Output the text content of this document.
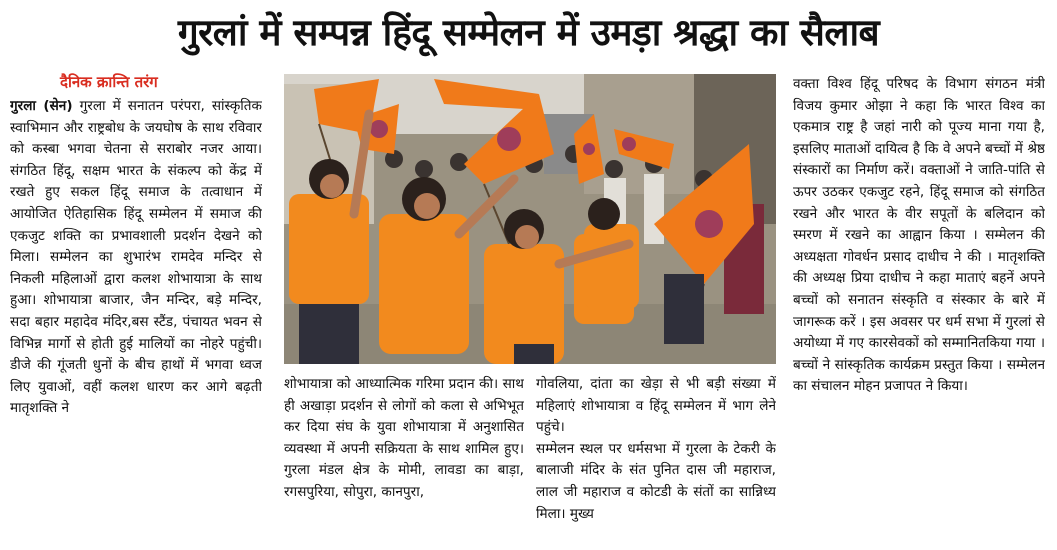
गुरलां में सम्पन्न हिंदू सम्मेलन में उमड़ा श्रद्धा का सैलाब
दैनिक क्रान्ति तरंग

गुरला (सेन) गुरला में सनातन परंपरा, सांस्कृतिक स्वाभिमान और राष्ट्रबोध के जयघोष के साथ रविवार को कस्बा भगवा चेतना से सराबोर नजर आया। संगठित हिंदू, सक्षम भारत के संकल्प को केंद्र में रखते हुए सकल हिंदू समाज के तत्वाधान में आयोजित ऐतिहासिक हिंदू सम्मेलन में समाज की एकजुट शक्ति का प्रभावशाली प्रदर्शन देखने को मिला। सम्मेलन का शुभारंभ रामदेव मन्दिर से निकली महिलाओं द्वारा कलश शोभायात्रा के साथ हुआ। शोभायात्रा बाजार, जैन मन्दिर, बड़े मन्दिर, सदा बहार महादेव मंदिर,बस स्टैंड, पंचायत भवन से विभिन्न मार्गो से होती हुई मालियों का नोहरे पहुंची। डीजे की गूंजती धुनों के बीच हाथों में भगवा ध्वज लिए युवाओं, वहीं कलश धारण कर आगे बढ़ती मातृशक्ति ने

शोभायात्रा को आध्यात्मिक गरिमा प्रदान की। साथ ही अखाड़ा प्रदर्शन से लोगों को कला से अभिभूत कर दिया संघ के युवा शोभायात्रा में अनुशासित व्यवस्था में अपनी सक्रियता के साथ शामिल हुए। गुरला मंडल क्षेत्र के मोमी, लावडा का बाड़ा, रगसपुरिया, सोपुरा, कानपुरा,

गोवलिया, दांता का खेड़ा से भी बड़ी संख्या में महिलाएं शोभायात्रा व हिंदू सम्मेलन में भाग लेने पहुंचे।

सम्मेलन स्थल पर धर्मसभा में गुरला के टेकरी के बालाजी मंदिर के संत पुनित दास जी महाराज, लाल जी महाराज व कोटडी के संतों का सान्निध्य मिला। मुख्य

वक्ता विश्व हिंदू परिषद के विभाग संगठन मंत्री विजय कुमार ओझा ने कहा कि भारत विश्व का एकमात्र राष्ट्र है जहां नारी को पूज्य माना गया है, इसलिए माताओं दायित्व है कि वे अपने बच्चों में श्रेष्ठ संस्कारों का निर्माण करें। वक्ताओं ने जाति-पांति से ऊपर उठकर एकजुट रहने, हिंदू समाज को संगठित रखने और भारत के वीर सपूतों के बलिदान को स्मरण में रखने का आह्वान किया । सम्मेलन की अध्यक्षता गोवर्धन प्रसाद दाधीच ने की । मातृशक्ति की अध्यक्ष प्रिया दाधीच ने कहा माताएं बहनें अपने बच्चों को सनातन संस्कृति व संस्कार के बारे में जागरूक करें । इस अवसर पर धर्म सभा में गुरलां से अयोध्या में गए कारसेवकों को सम्मानितकिया गया ।बच्चों ने सांस्कृतिक कार्यक्रम प्रस्तुत किया । सम्मेलन का संचालन मोहन प्रजापत ने किया।
